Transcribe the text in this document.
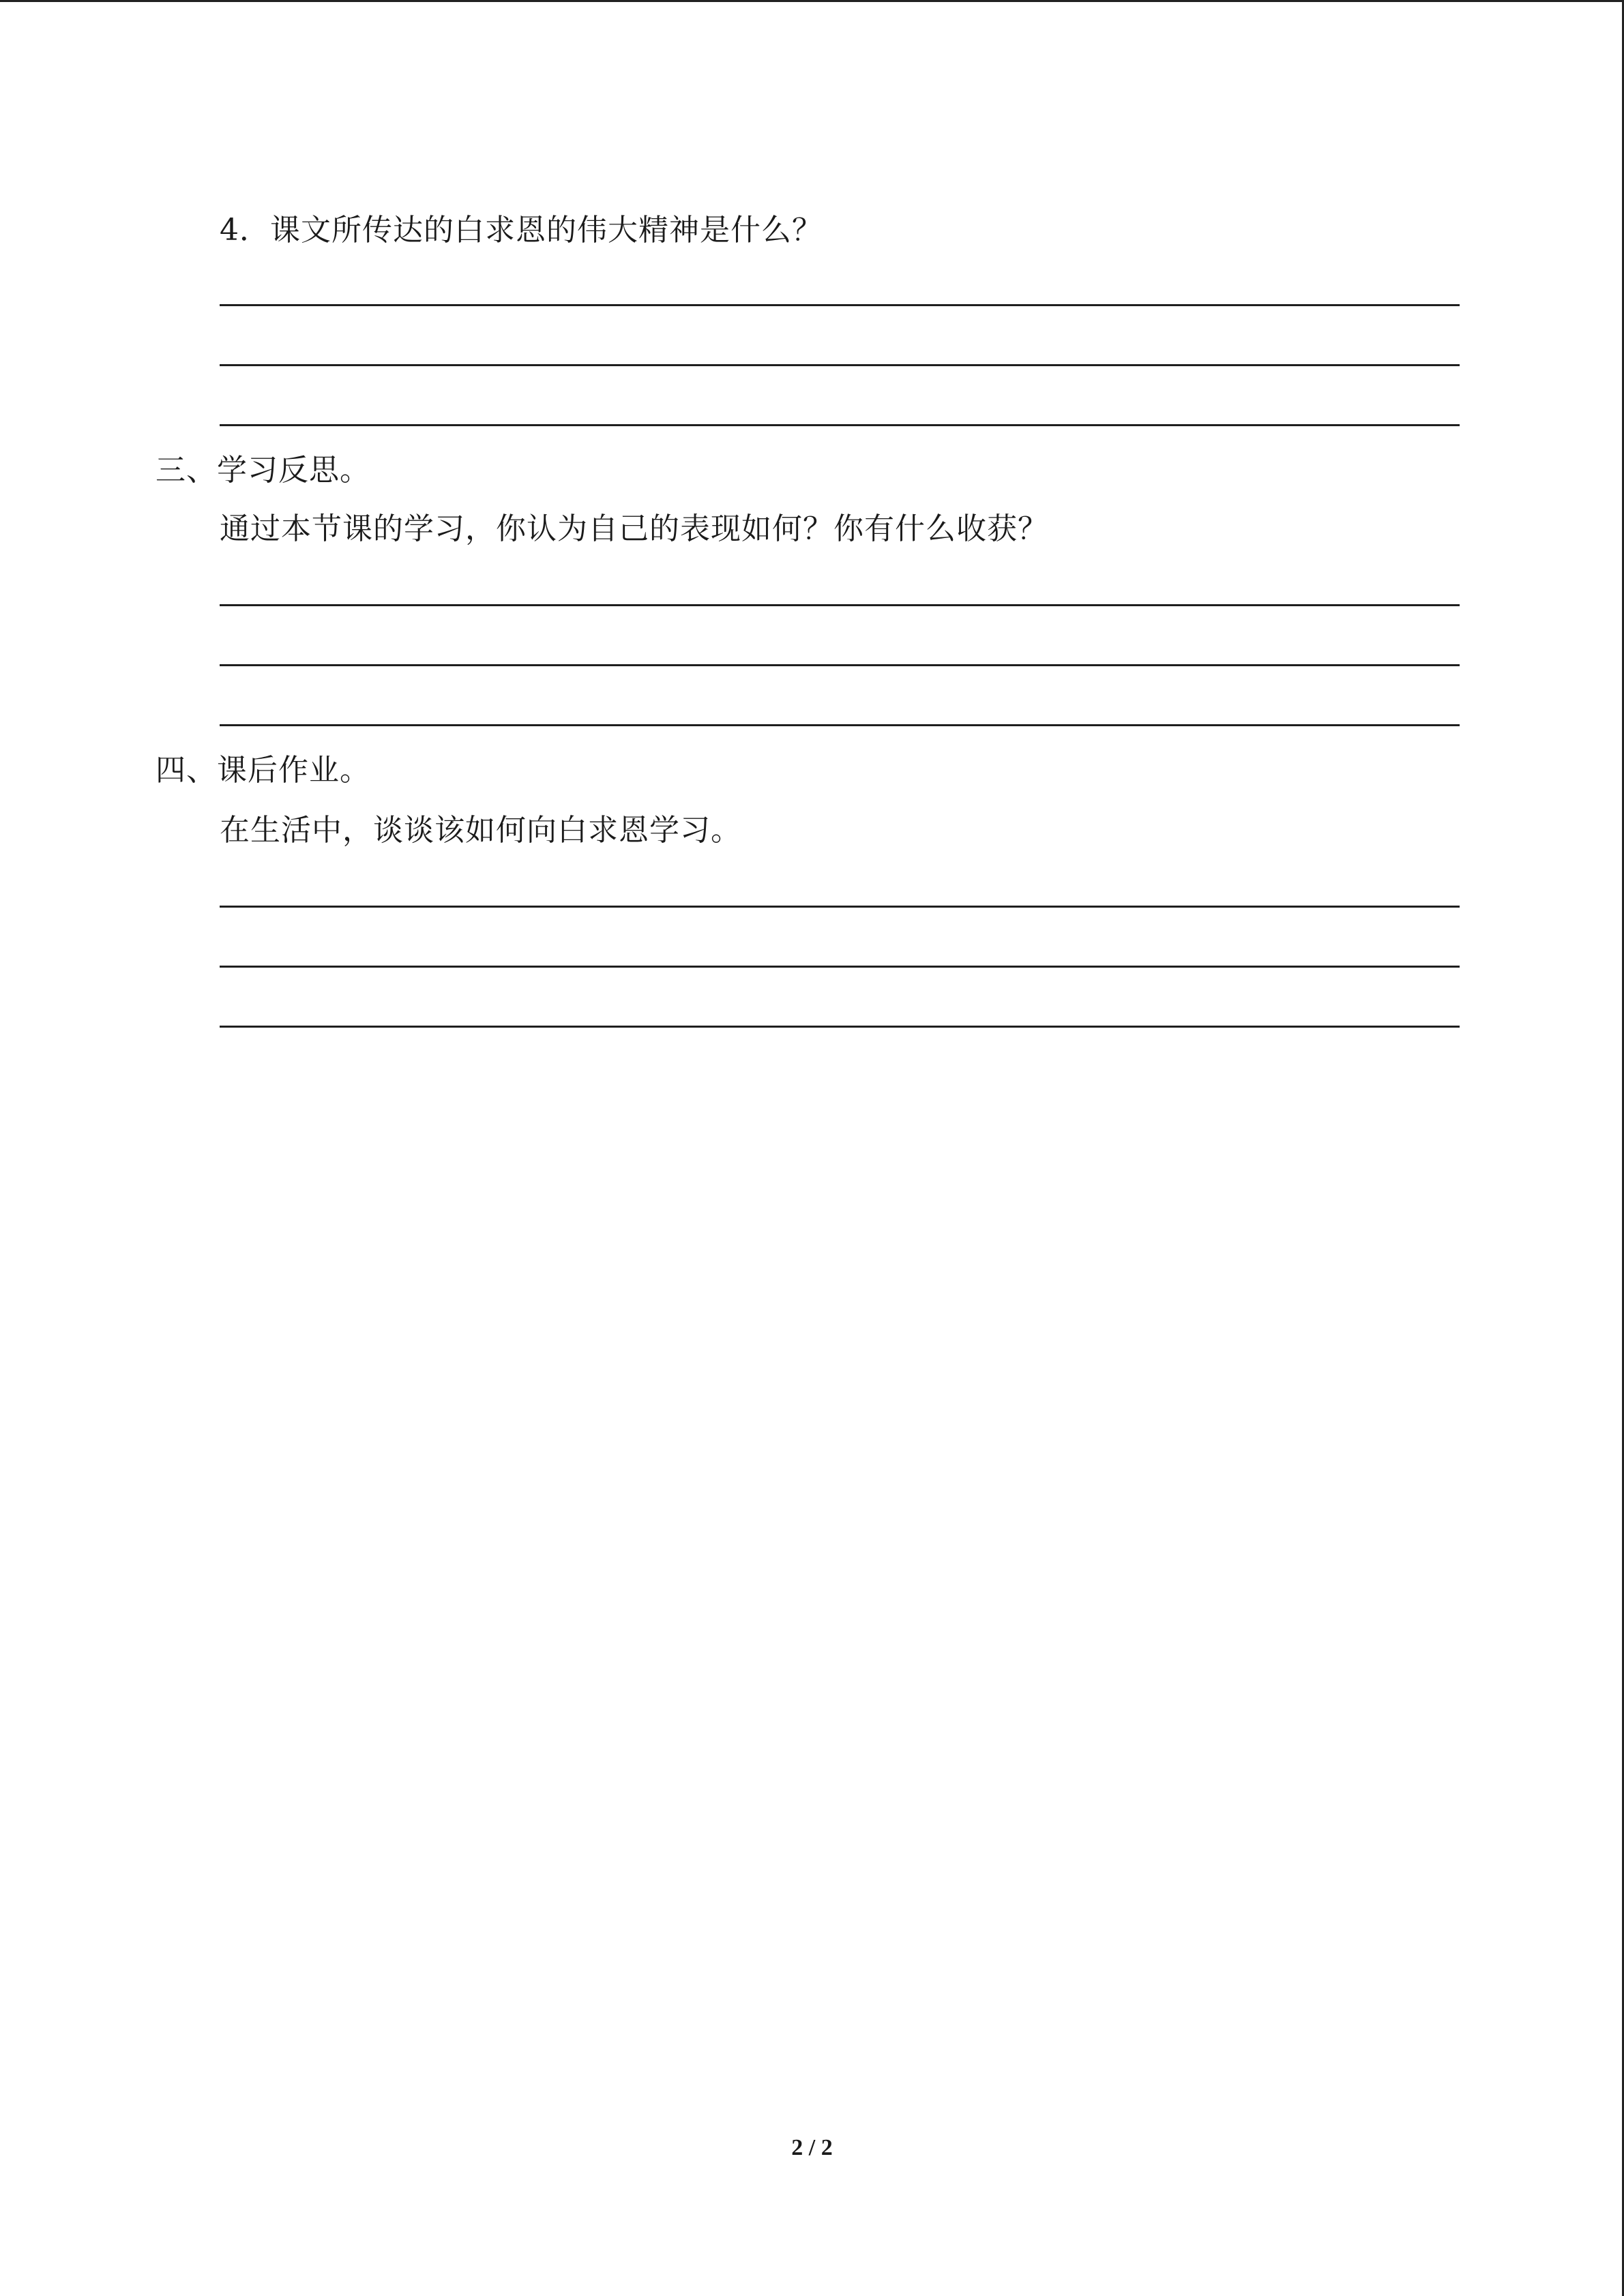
4．课文所传达的白求恩的伟大精神是什么？
三、学习反思。
通过本节课的学习，你认为自己的表现如何？你有什么收获？
四、课后作业。
在生活中，谈谈该如何向白求恩学习。
2 / 2
